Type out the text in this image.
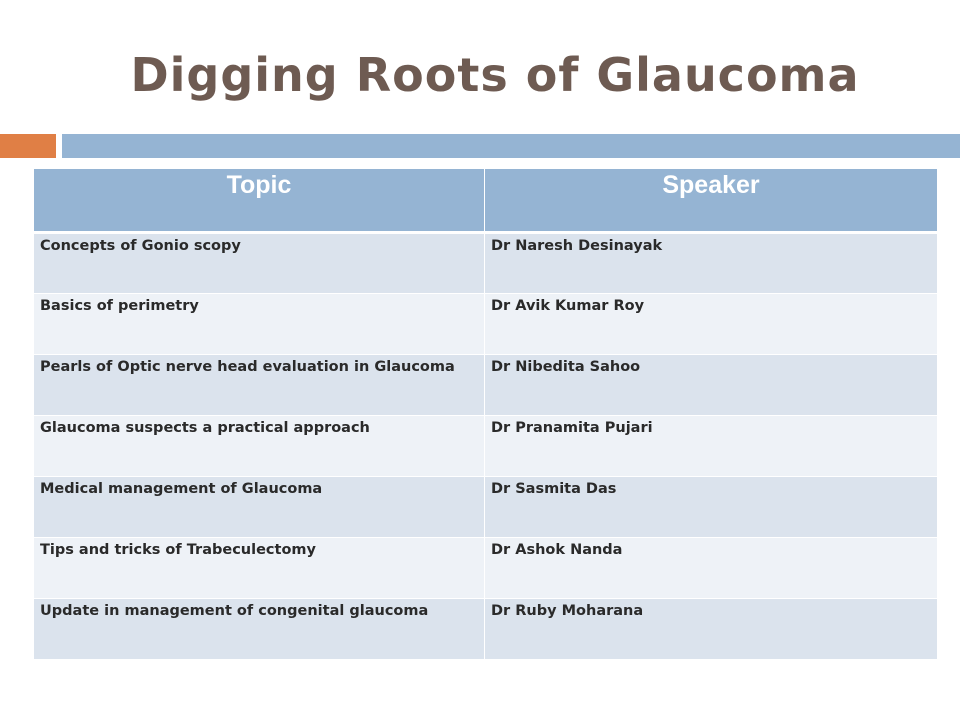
Digging Roots of Glaucoma
Topic	Speaker
Concepts of Gonio scopy	Dr Naresh Desinayak
Basics of perimetry	Dr Avik Kumar Roy
Pearls of Optic nerve head evaluation in Glaucoma	Dr Nibedita Sahoo
Glaucoma suspects a practical approach	Dr Pranamita Pujari
Medical management of Glaucoma	Dr Sasmita Das
Tips and tricks of Trabeculectomy	Dr Ashok Nanda
Update in management of congenital glaucoma	Dr Ruby Moharana
